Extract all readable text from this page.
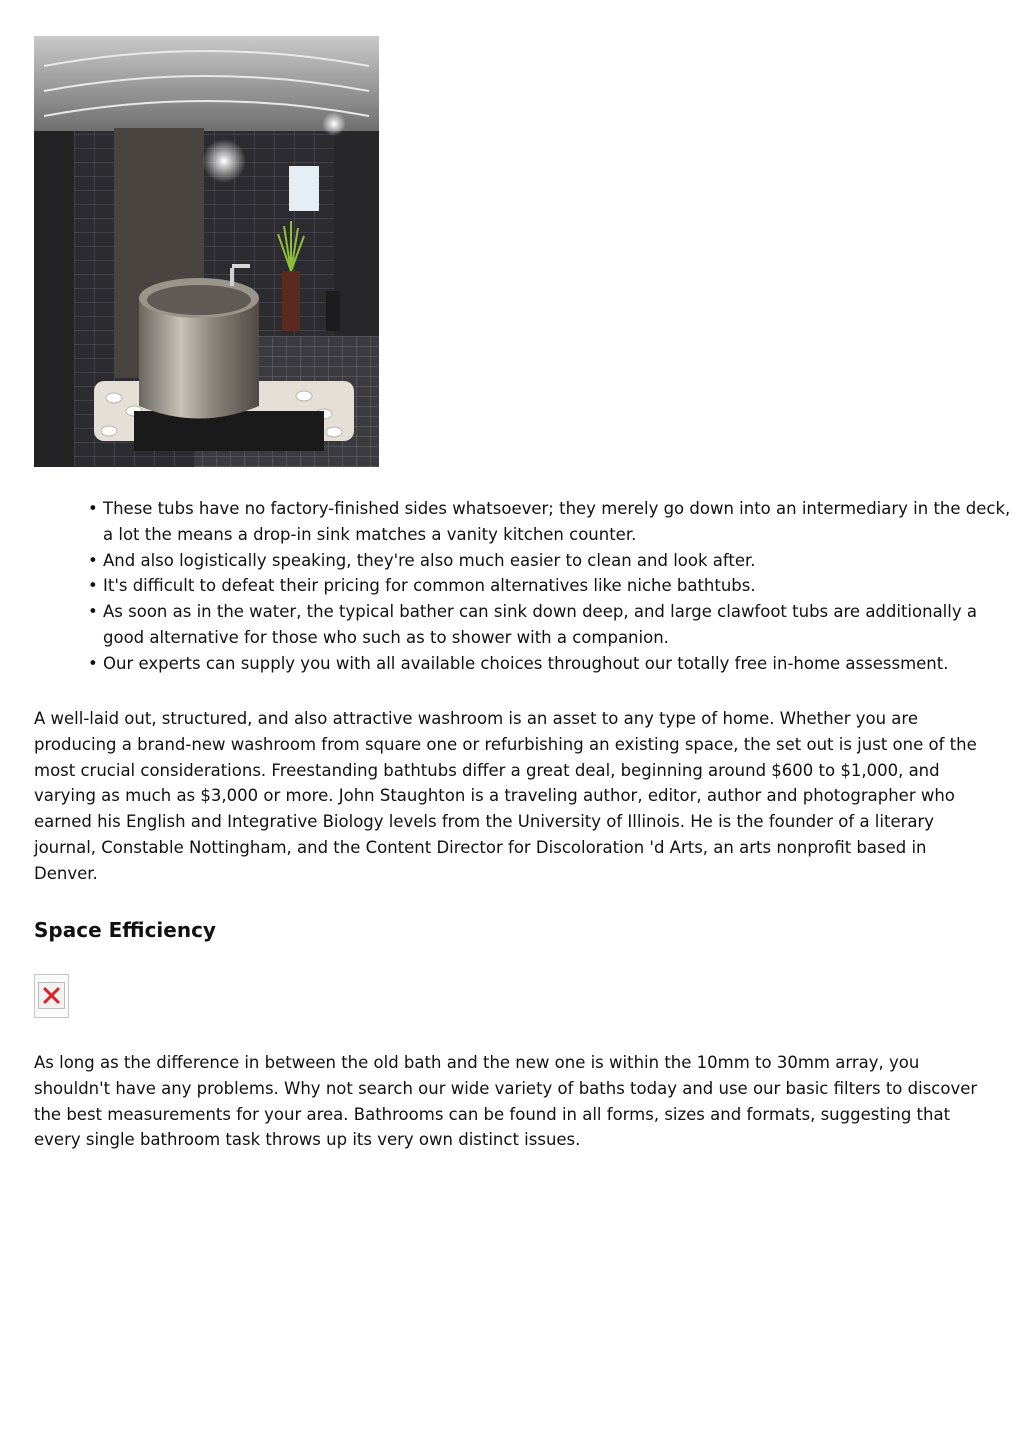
• These tubs have no factory-finished sides whatsoever; they merely go down into an intermediary in the deck, a lot the means a drop-in sink matches a vanity kitchen counter.
• And also logistically speaking, they're also much easier to clean and look after.
• It's difficult to defeat their pricing for common alternatives like niche bathtubs.
• As soon as in the water, the typical bather can sink down deep, and large clawfoot tubs are additionally a good alternative for those who such as to shower with a companion.
• Our experts can supply you with all available choices throughout our totally free in-home assessment.

A well-laid out, structured, and also attractive washroom is an asset to any type of home. Whether you are producing a brand-new washroom from square one or refurbishing an existing space, the set out is just one of the most crucial considerations. Freestanding bathtubs differ a great deal, beginning around $600 to $1,000, and varying as much as $3,000 or more. John Staughton is a traveling author, editor, author and photographer who earned his English and Integrative Biology levels from the University of Illinois. He is the founder of a literary journal, Constable Nottingham, and the Content Director for Discoloration 'd Arts, an arts nonprofit based in Denver.

Space Efficiency

As long as the difference in between the old bath and the new one is within the 10mm to 30mm array, you shouldn't have any problems. Why not search our wide variety of baths today and use our basic filters to discover the best measurements for your area. Bathrooms can be found in all forms, sizes and formats, suggesting that every single bathroom task throws up its very own distinct issues.
